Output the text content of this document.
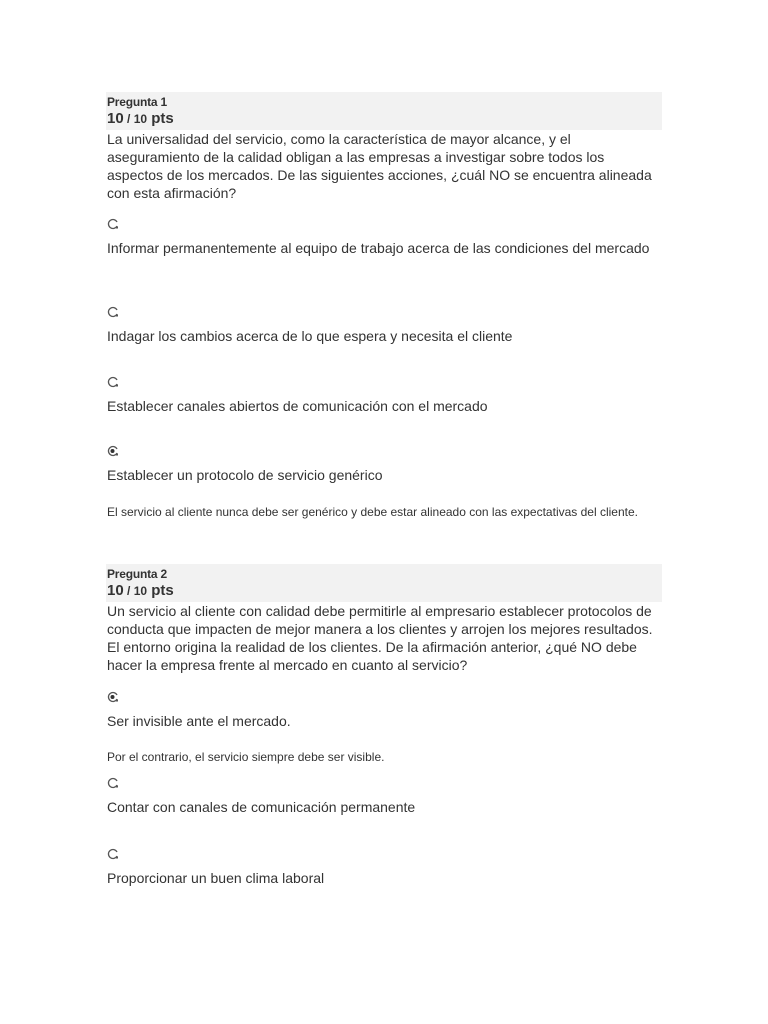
Pregunta 1
10 / 10 pts
La universalidad del servicio, como la característica de mayor alcance, y el aseguramiento de la calidad obligan a las empresas a investigar sobre todos los aspectos de los mercados. De las siguientes acciones, ¿cuál NO se encuentra alineada con esta afirmación?
Informar permanentemente al equipo de trabajo acerca de las condiciones del mercado
Indagar los cambios acerca de lo que espera y necesita el cliente
Establecer canales abiertos de comunicación con el mercado
Establecer un protocolo de servicio genérico
El servicio al cliente nunca debe ser genérico y debe estar alineado con las expectativas del cliente.
Pregunta 2
10 / 10 pts
Un servicio al cliente con calidad debe permitirle al empresario establecer protocolos de conducta que impacten de mejor manera a los clientes y arrojen los mejores resultados. El entorno origina la realidad de los clientes. De la afirmación anterior, ¿qué NO debe hacer la empresa frente al mercado en cuanto al servicio?
Ser invisible ante el mercado.
Por el contrario, el servicio siempre debe ser visible.
Contar con canales de comunicación permanente
Proporcionar un buen clima laboral
